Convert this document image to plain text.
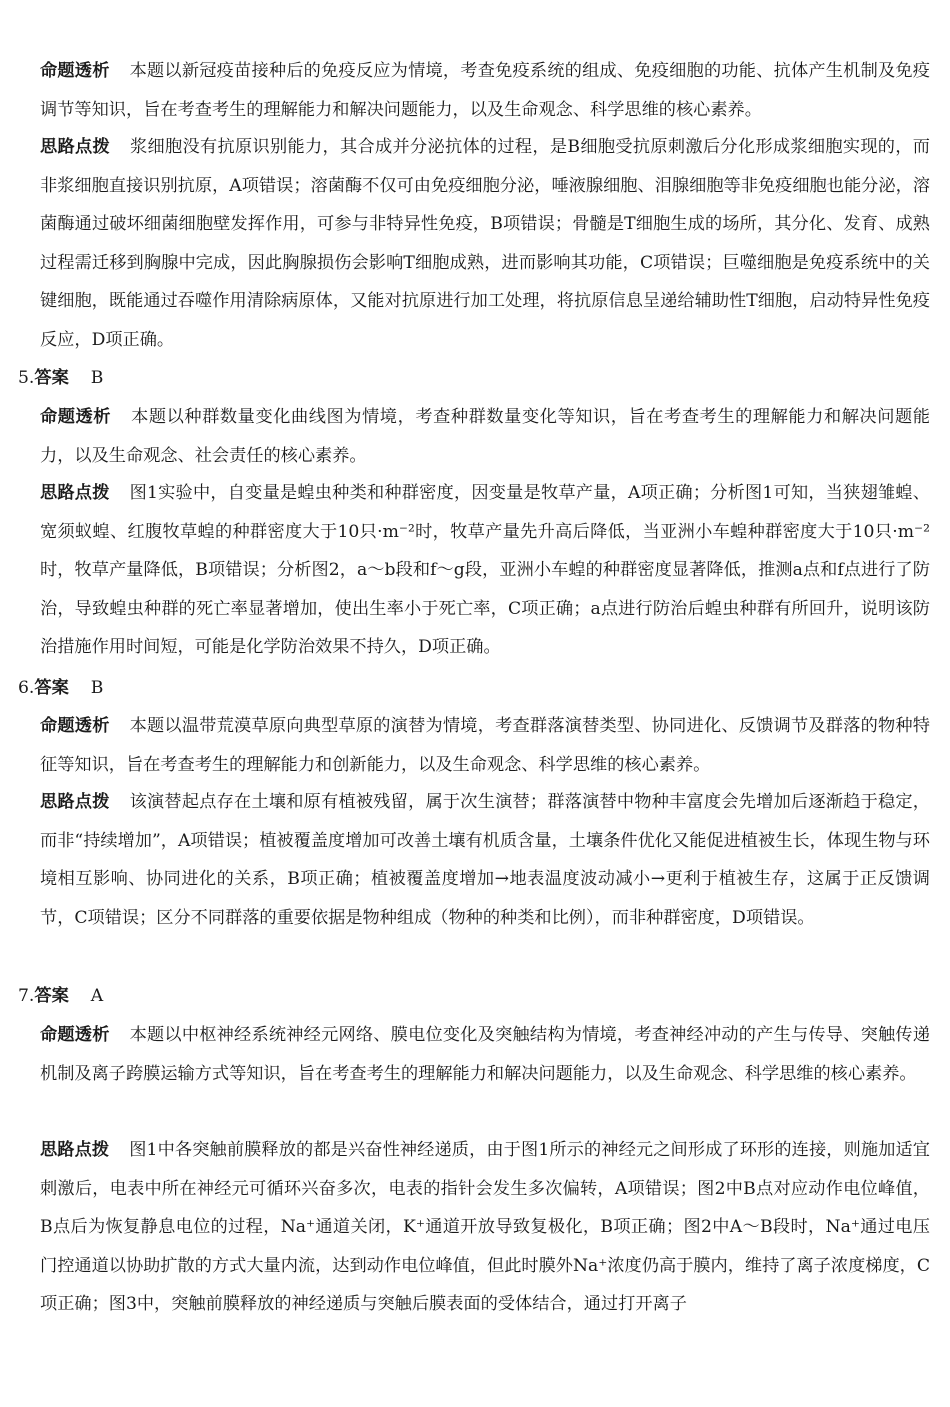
命题透析 本题以新冠疫苗接种后的免疫反应为情境，考查免疫系统的组成、免疫细胞的功能、抗体产生机制及免疫调节等知识，旨在考查考生的理解能力和解决问题能力，以及生命观念、科学思维的核心素养。

思路点拨 浆细胞没有抗原识别能力，其合成并分泌抗体的过程，是B细胞受抗原刺激后分化形成浆细胞实现的，而非浆细胞直接识别抗原，A项错误；溶菌酶不仅可由免疫细胞分泌，唾液腺细胞、泪腺细胞等非免疫细胞也能分泌，溶菌酶通过破坏细菌细胞壁发挥作用，可参与非特异性免疫，B项错误；骨髓是T细胞生成的场所，其分化、发育、成熟过程需迁移到胸腺中完成，因此胸腺损伤会影响T细胞成熟，进而影响其功能，C项错误；巨噬细胞是免疫系统中的关键细胞，既能通过吞噬作用清除病原体，又能对抗原进行加工处理，将抗原信息呈递给辅助性T细胞，启动特异性免疫反应，D项正确。

5.答案 B

命题透析 本题以种群数量变化曲线图为情境，考查种群数量变化等知识，旨在考查考生的理解能力和解决问题能力，以及生命观念、社会责任的核心素养。

思路点拨 图1实验中，自变量是蝗虫种类和种群密度，因变量是牧草产量，A项正确；分析图1可知，当狭翅雏蝗、宽须蚁蝗、红腹牧草蝗的种群密度大于10只·m⁻²时，牧草产量先升高后降低，当亚洲小车蝗种群密度大于10只·m⁻²时，牧草产量降低，B项错误；分析图2，a～b段和f～g段，亚洲小车蝗的种群密度显著降低，推测a点和f点进行了防治，导致蝗虫种群的死亡率显著增加，使出生率小于死亡率，C项正确；a点进行防治后蝗虫种群有所回升，说明该防治措施作用时间短，可能是化学防治效果不持久，D项正确。

6.答案 B

命题透析 本题以温带荒漠草原向典型草原的演替为情境，考查群落演替类型、协同进化、反馈调节及群落的物种特征等知识，旨在考查考生的理解能力和创新能力，以及生命观念、科学思维的核心素养。

思路点拨 该演替起点存在土壤和原有植被残留，属于次生演替；群落演替中物种丰富度会先增加后逐渐趋于稳定，而非“持续增加”，A项错误；植被覆盖度增加可改善土壤有机质含量，土壤条件优化又能促进植被生长，体现生物与环境相互影响、协同进化的关系，B项正确；植被覆盖度增加→地表温度波动减小→更利于植被生存，这属于正反馈调节，C项错误；区分不同群落的重要依据是物种组成（物种的种类和比例），而非种群密度，D项错误。

7.答案 A

命题透析 本题以中枢神经系统神经元网络、膜电位变化及突触结构为情境，考查神经冲动的产生与传导、突触传递机制及离子跨膜运输方式等知识，旨在考查考生的理解能力和解决问题能力，以及生命观念、科学思维的核心素养。

思路点拨 图1中各突触前膜释放的都是兴奋性神经递质，由于图1所示的神经元之间形成了环形的连接，则施加适宜刺激后，电表中所在神经元可循环兴奋多次，电表的指针会发生多次偏转，A项错误；图2中B点对应动作电位峰值，B点后为恢复静息电位的过程，Na⁺通道关闭，K⁺通道开放导致复极化，B项正确；图2中A～B段时，Na⁺通过电压门控通道以协助扩散的方式大量内流，达到动作电位峰值，但此时膜外Na⁺浓度仍高于膜内，维持了离子浓度梯度，C项正确；图3中，突触前膜释放的神经递质与突触后膜表面的受体结合，通过打开离子
